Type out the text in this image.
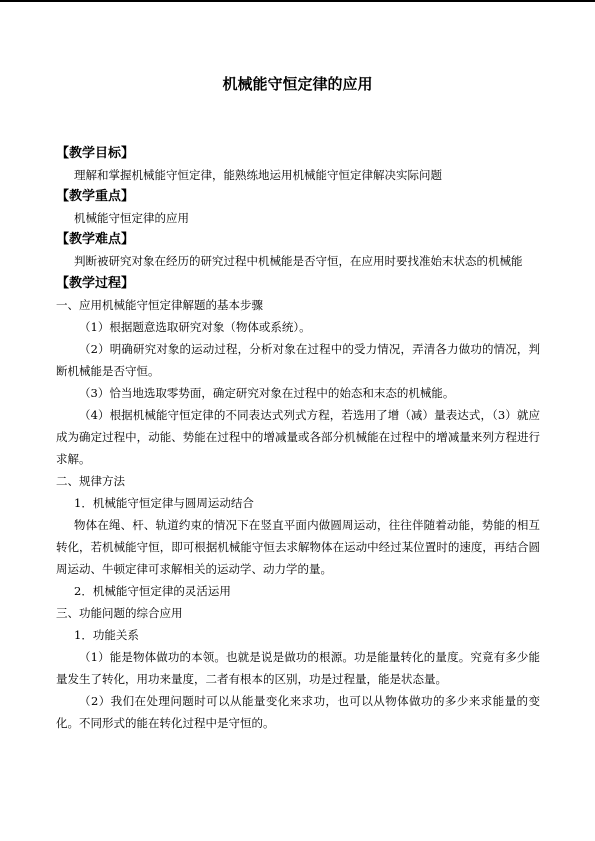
机械能守恒定律的应用
【教学目标】
理解和掌握机械能守恒定律，能熟练地运用机械能守恒定律解决实际问题
【教学重点】
机械能守恒定律的应用
【教学难点】
判断被研究对象在经历的研究过程中机械能是否守恒，在应用时要找准始末状态的机械能
【教学过程】
一、应用机械能守恒定律解题的基本步骤
（1）根据题意选取研究对象（物体或系统）。
（2）明确研究对象的运动过程，分析对象在过程中的受力情况，弄清各力做功的情况，判断机械能是否守恒。
（3）恰当地选取零势面，确定研究对象在过程中的始态和末态的机械能。
（4）根据机械能守恒定律的不同表达式列式方程，若选用了增（减）量表达式，（3）就应成为确定过程中，动能、势能在过程中的增减量或各部分机械能在过程中的增减量来列方程进行求解。
二、规律方法
1．机械能守恒定律与圆周运动结合
物体在绳、杆、轨道约束的情况下在竖直平面内做圆周运动，往往伴随着动能，势能的相互转化，若机械能守恒，即可根据机械能守恒去求解物体在运动中经过某位置时的速度，再结合圆周运动、牛顿定律可求解相关的运动学、动力学的量。
2．机械能守恒定律的灵活运用
三、功能问题的综合应用
1．功能关系
（1）能是物体做功的本领。也就是说是做功的根源。功是能量转化的量度。究竟有多少能量发生了转化，用功来量度，二者有根本的区别，功是过程量，能是状态量。
（2）我们在处理问题时可以从能量变化来求功，也可以从物体做功的多少来求能量的变化。不同形式的能在转化过程中是守恒的。
